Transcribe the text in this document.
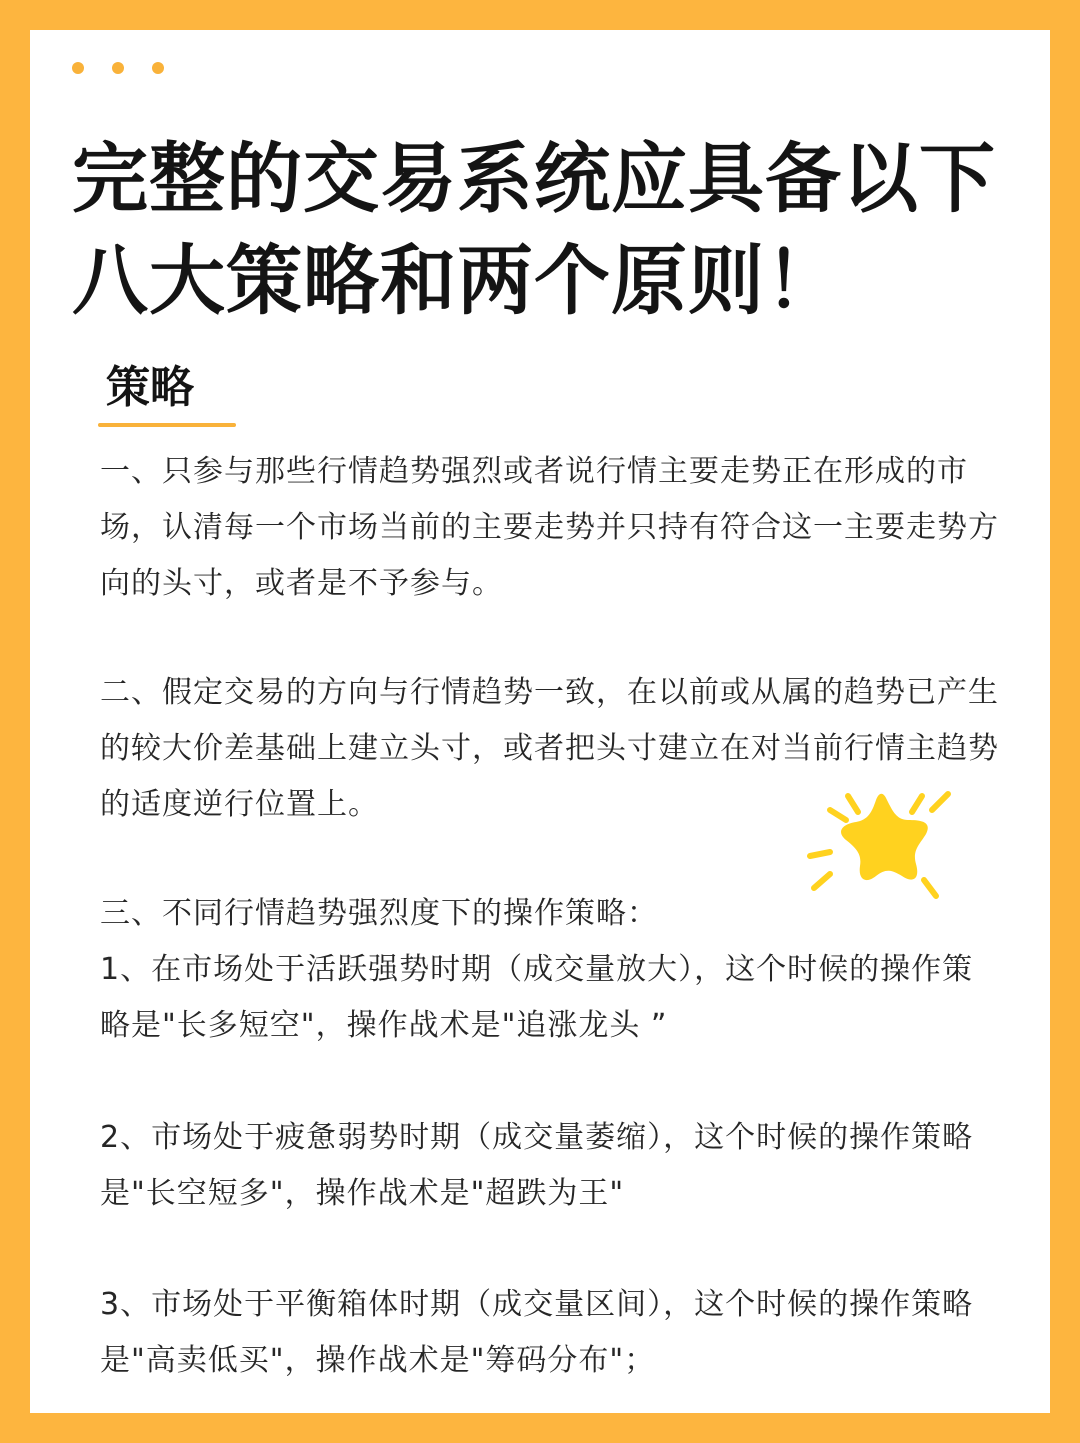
完整的交易系统应具备以下八大策略和两个原则！
策略
一、只参与那些行情趋势强烈或者说行情主要走势正在形成的市场，认清每一个市场当前的主要走势并只持有符合这一主要走势方向的头寸，或者是不予参与。
二、假定交易的方向与行情趋势一致，在以前或从属的趋势已产生的较大价差基础上建立头寸，或者把头寸建立在对当前行情主趋势的适度逆行位置上。
三、不同行情趋势强烈度下的操作策略：
1、在市场处于活跃强势时期（成交量放大），这个时候的操作策略是"长多短空"，操作战术是"追涨龙头 ”
2、市场处于疲惫弱势时期（成交量萎缩），这个时候的操作策略是"长空短多"，操作战术是"超跌为王"
3、市场处于平衡箱体时期（成交量区间），这个时候的操作策略是"高卖低买"，操作战术是"筹码分布"；
